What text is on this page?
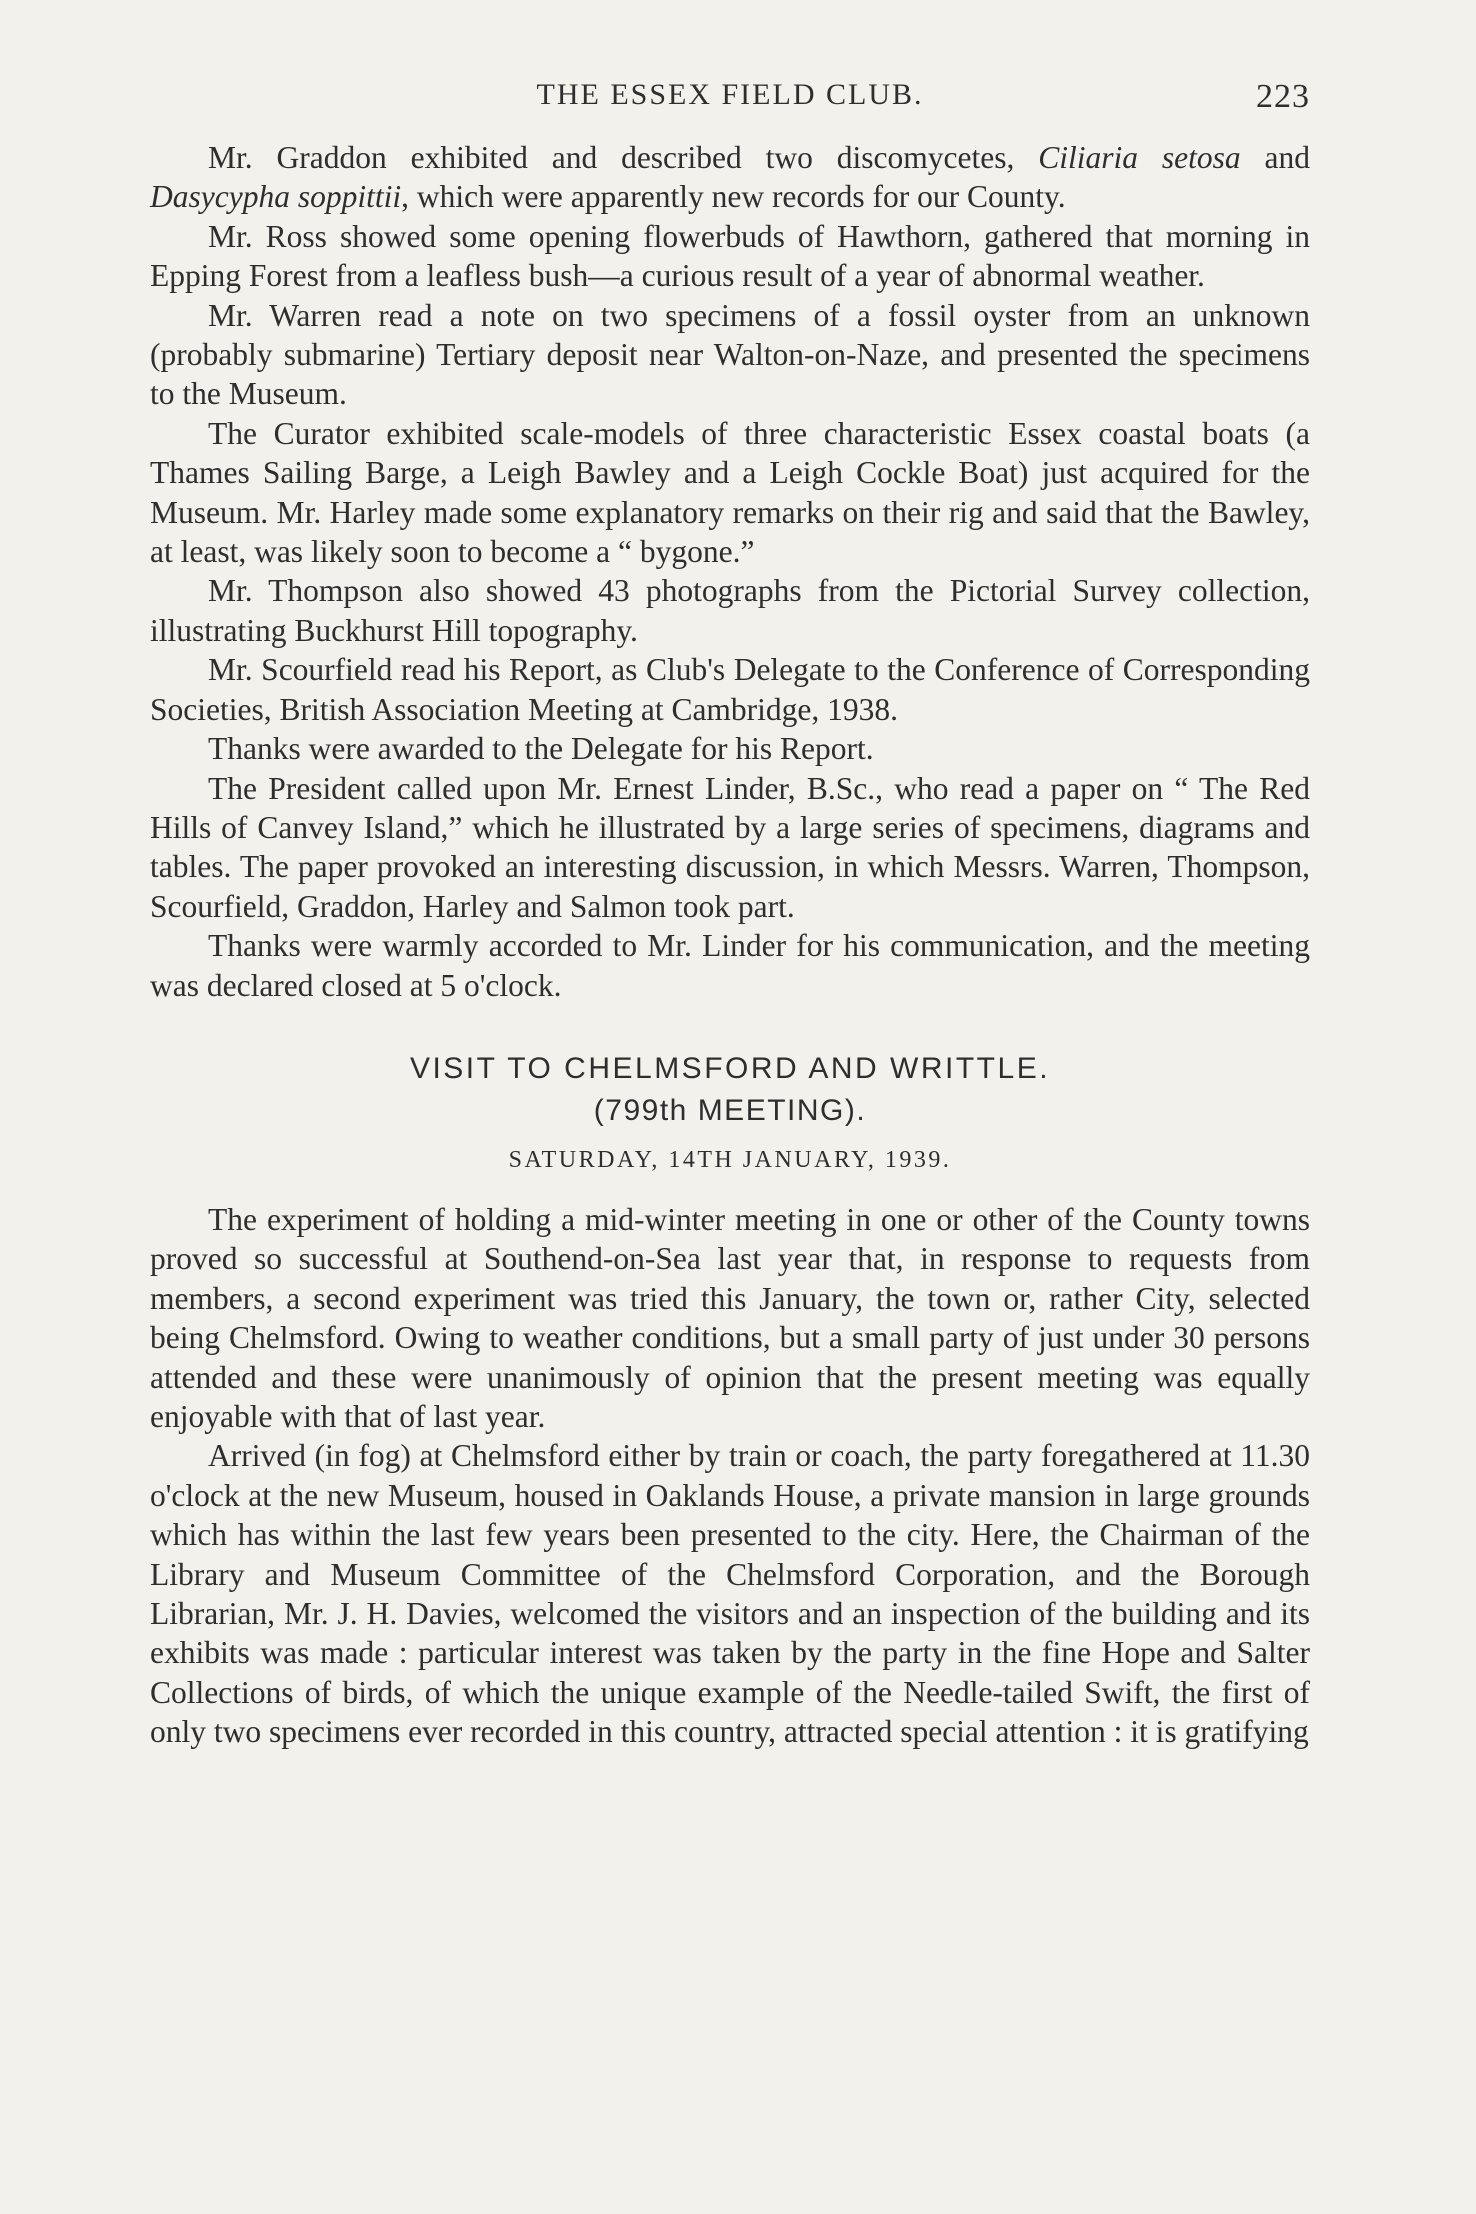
THE ESSEX FIELD CLUB.	223

Mr. Graddon exhibited and described two discomycetes, Ciliaria setosa and Dasycypha soppittii, which were apparently new records for our County.

Mr. Ross showed some opening flowerbuds of Hawthorn, gathered that morning in Epping Forest from a leafless bush—a curious result of a year of abnormal weather.

Mr. Warren read a note on two specimens of a fossil oyster from an unknown (probably submarine) Tertiary deposit near Walton-on-Naze, and presented the specimens to the Museum.

The Curator exhibited scale-models of three characteristic Essex coastal boats (a Thames Sailing Barge, a Leigh Bawley and a Leigh Cockle Boat) just acquired for the Museum. Mr. Harley made some explanatory remarks on their rig and said that the Bawley, at least, was likely soon to become a “ bygone.”

Mr. Thompson also showed 43 photographs from the Pictorial Survey collection, illustrating Buckhurst Hill topography.

Mr. Scourfield read his Report, as Club's Delegate to the Conference of Corresponding Societies, British Association Meeting at Cambridge, 1938.

Thanks were awarded to the Delegate for his Report.

The President called upon Mr. Ernest Linder, B.Sc., who read a paper on “ The Red Hills of Canvey Island,” which he illustrated by a large series of specimens, diagrams and tables. The paper provoked an interesting discussion, in which Messrs. Warren, Thompson, Scourfield, Graddon, Harley and Salmon took part.

Thanks were warmly accorded to Mr. Linder for his communication, and the meeting was declared closed at 5 o'clock.

VISIT TO CHELMSFORD AND WRITTLE.
(799th MEETING).
SATURDAY, 14TH JANUARY, 1939.

The experiment of holding a mid-winter meeting in one or other of the County towns proved so successful at Southend-on-Sea last year that, in response to requests from members, a second experiment was tried this January, the town or, rather City, selected being Chelmsford. Owing to weather conditions, but a small party of just under 30 persons attended and these were unanimously of opinion that the present meeting was equally enjoyable with that of last year.

Arrived (in fog) at Chelmsford either by train or coach, the party foregathered at 11.30 o'clock at the new Museum, housed in Oaklands House, a private mansion in large grounds which has within the last few years been presented to the city. Here, the Chairman of the Library and Museum Committee of the Chelmsford Corporation, and the Borough Librarian, Mr. J. H. Davies, welcomed the visitors and an inspection of the building and its exhibits was made : particular interest was taken by the party in the fine Hope and Salter Collections of birds, of which the unique example of the Needle-tailed Swift, the first of only two specimens ever recorded in this country, attracted special attention : it is gratifying
